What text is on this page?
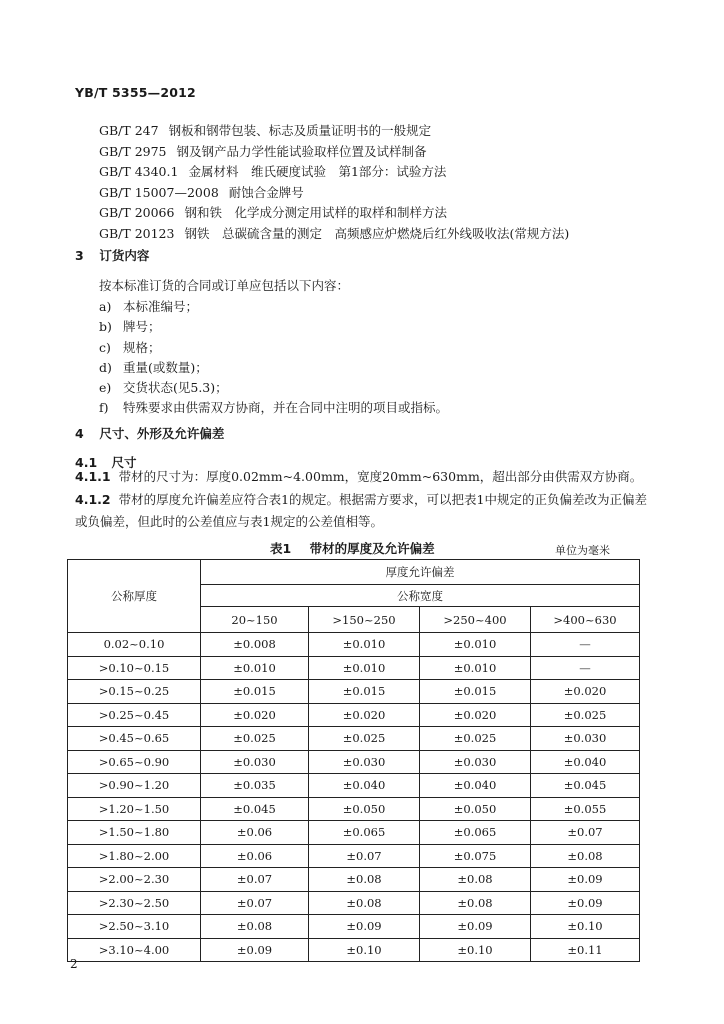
YB/T 5355—2012
GB/T 247 钢板和钢带包装、标志及质量证明书的一般规定
GB/T 2975 钢及钢产品力学性能试验取样位置及试样制备
GB/T 4340.1 金属材料　维氏硬度试验　第1部分：试验方法
GB/T 15007—2008 耐蚀合金牌号
GB/T 20066 钢和铁　化学成分测定用试样的取样和制样方法
GB/T 20123 钢铁　总碳硫含量的测定　高频感应炉燃烧后红外线吸收法(常规方法)
3 订货内容
按本标准订货的合同或订单应包括以下内容：
a) 本标准编号；
b) 牌号；
c) 规格；
d) 重量(或数量)；
e) 交货状态(见5.3)；
f) 特殊要求由供需双方协商，并在合同中注明的项目或指标。
4 尺寸、外形及允许偏差
4.1 尺寸
4.1.1 带材的尺寸为：厚度0.02mm~4.00mm，宽度20mm~630mm，超出部分由供需双方协商。
4.1.2 带材的厚度允许偏差应符合表1的规定。根据需方要求，可以把表1中规定的正负偏差改为正偏差或负偏差，但此时的公差值应与表1规定的公差值相等。
表1 带材的厚度及允许偏差	单位为毫米
公称厚度	厚度允许偏差			
	公称宽度			
	20~150	>150~250	>250~400	>400~630
0.02~0.10	±0.008	±0.010	±0.010	—
>0.10~0.15	±0.010	±0.010	±0.010	—
>0.15~0.25	±0.015	±0.015	±0.015	±0.020
>0.25~0.45	±0.020	±0.020	±0.020	±0.025
>0.45~0.65	±0.025	±0.025	±0.025	±0.030
>0.65~0.90	±0.030	±0.030	±0.030	±0.040
>0.90~1.20	±0.035	±0.040	±0.040	±0.045
>1.20~1.50	±0.045	±0.050	±0.050	±0.055
>1.50~1.80	±0.06	±0.065	±0.065	±0.07
>1.80~2.00	±0.06	±0.07	±0.075	±0.08
>2.00~2.30	±0.07	±0.08	±0.08	±0.09
>2.30~2.50	±0.07	±0.08	±0.08	±0.09
>2.50~3.10	±0.08	±0.09	±0.09	±0.10
>3.10~4.00	±0.09	±0.10	±0.10	±0.11
2
